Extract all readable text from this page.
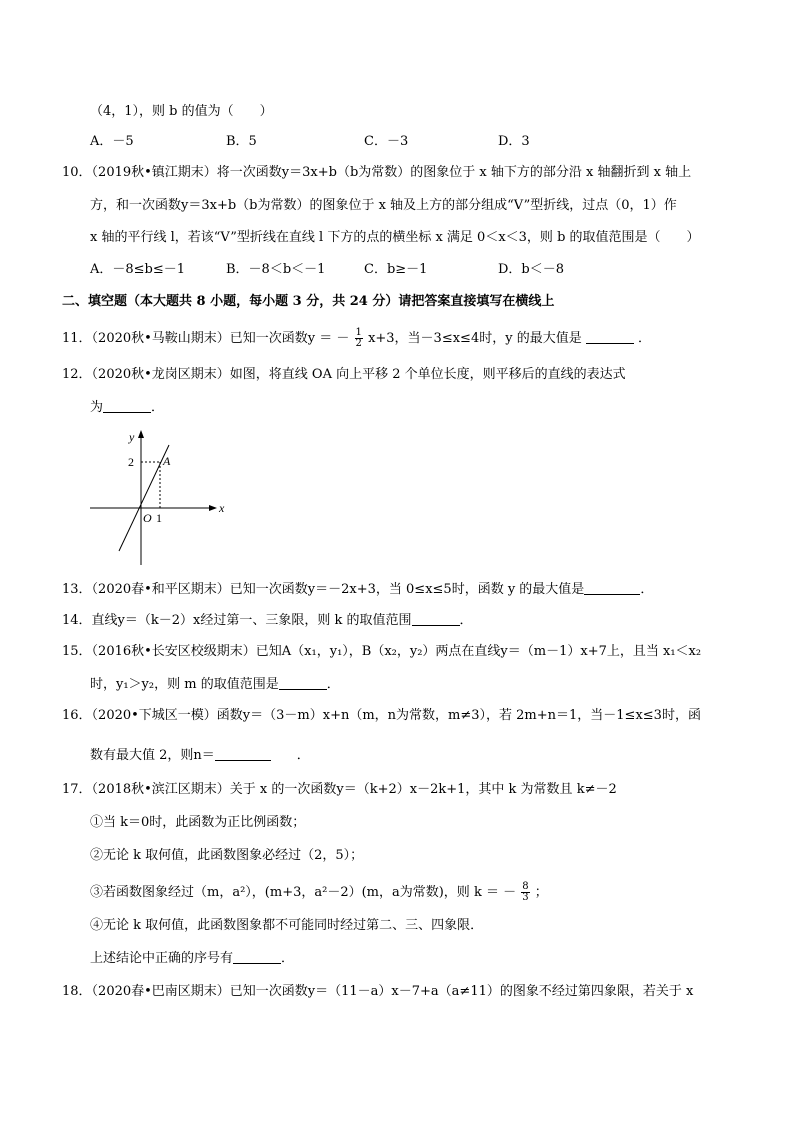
（4，1），则 b 的值为（　　）
A．－5	B．5	C．－3	D．3
10．（2019秋•镇江期末）将一次函数y＝3x+b（b为常数）的图象位于 x 轴下方的部分沿 x 轴翻折到 x 轴上
方，和一次函数y＝3x+b（b为常数）的图象位于 x 轴及上方的部分组成“V”型折线，过点（0，1）作
x 轴的平行线 l，若该“V”型折线在直线 l 下方的点的横坐标 x 满足 0＜x＜3，则 b 的取值范围是（　　）
A．－8≤b≤－1	B．－8＜b＜－1	C．b≥－1	D．b＜－8
二、填空题（本大题共 8 小题，每小题 3 分，共 24 分）请把答案直接填写在横线上
11．（2020秋•马鞍山期末）已知一次函数y ＝ － $\frac{1}{2} x+3$，当－3≤x≤4时，y 的最大值是	．
12．（2020秋•龙岗区期末）如图，将直线 OA 向上平移 2 个单位长度，则平移后的直线的表达式
为	．
y
x
O 1
2 A
13．（2020春•和平区期末）已知一次函数y＝－2x+3，当 0≤x≤5时，函数 y 的最大值是	．
14．直线y＝（k－2）x经过第一、三象限，则 k 的取值范围	．
15．（2016秋•长安区校级期末）已知A（x₁，y₁），B（x₂，y₂）两点在直线y＝（m－1）x+7上，且当 x₁＜x₂
时，y₁＞y₂，则 m 的取值范围是	．
16．（2020•下城区一模）函数y＝（3－m）x+n（m，n为常数，m≠3），若 2m+n＝1，当－1≤x≤3时，函
数有最大值 2，则n＝	　　．
17．（2018秋•滨江区期末）关于 x 的一次函数y＝（k+2）x－2k+1，其中 k 为常数且 k≠－2
①当 k＝0时，此函数为正比例函数；
②无论 k 取何值，此函数图象必经过（2，5）；
③若函数图象经过（m，a²），(m+3，a²－2）(m，a为常数)，则 k ＝ － $\frac{8}{3}$ ；
④无论 k 取何值，此函数图象都不可能同时经过第二、三、四象限．
上述结论中正确的序号有	．
18．（2020春•巴南区期末）已知一次函数y＝（11－a）x－7+a（a≠11）的图象不经过第四象限，若关于 x
